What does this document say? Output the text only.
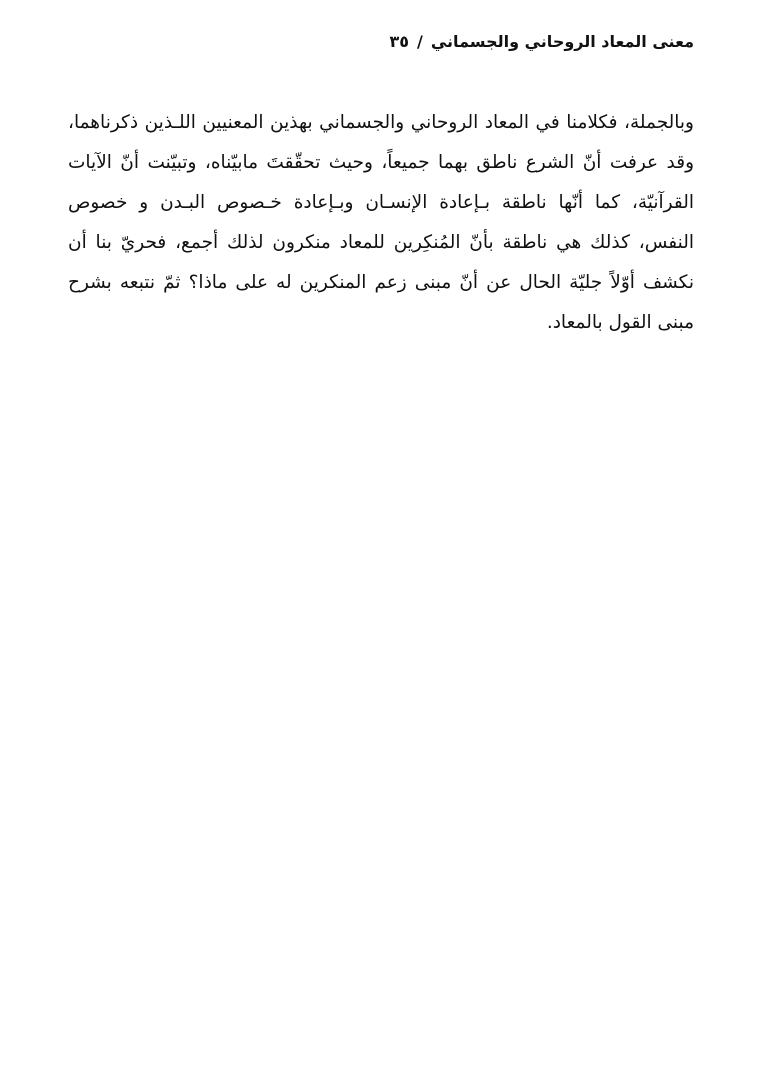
معنى المعاد الروحاني والجسماني/٣٥

وبالجملة، فكلامنا في المعاد الروحاني والجسماني بهذين المعنيين اللـذين ذكرناهما، وقد عرفت أنّ الشرع ناطق بهما جميعاً، وحيث تحقّقتَ مابيّناه، وتبيّنت أنّ الآيات القرآنيّة، كما أنّها ناطقة بـإعادة الإنسـان وبـإعادة خـصوص البـدن و خصوص النفس، كذلك هي ناطقة بأنّ المُنكِرين للمعاد منكرون لذلك أجمع، فحريّ بنا أن نكشف أوّلاً جليّة الحال عن أنّ مبنى زعم المنكرين له على ماذا؟ ثمّ نتبعه بشرح مبنى القول بالمعاد.
